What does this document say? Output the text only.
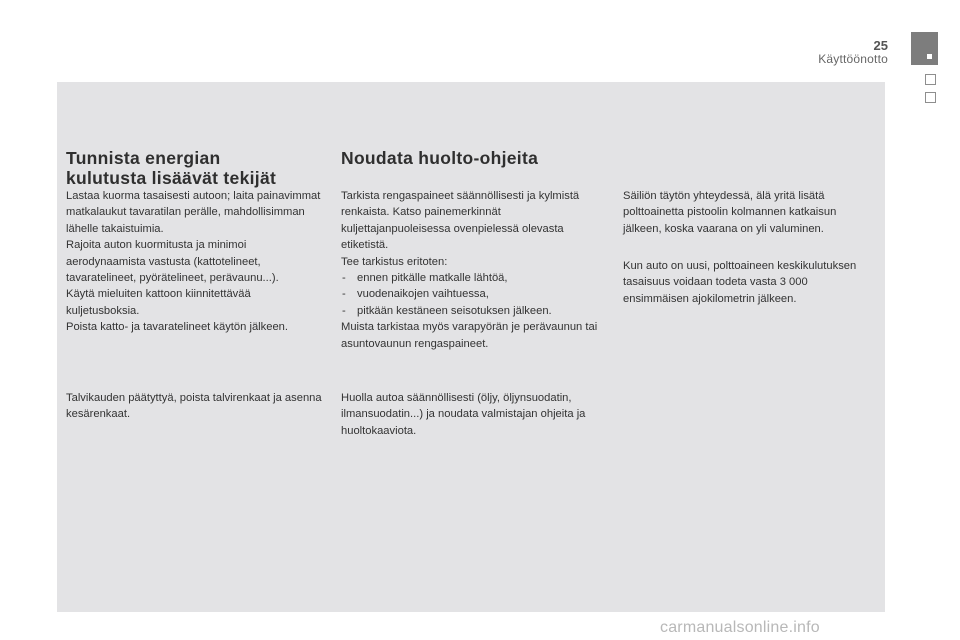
25

Käyttöönotto

Tunnista energian
kulutusta lisäävät tekijät

Lastaa kuorma tasaisesti autoon; laita painavimmat matkalaukut tavaratilan perälle, mahdollisimman lähelle takaistuimia.
Rajoita auton kuormitusta ja minimoi aerodynaamista vastusta (kattotelineet, tavaratelineet, pyörätelineet, perävaunu...).
Käytä mieluiten kattoon kiinnitettävää kuljetusboksia.
Poista katto- ja tavaratelineet käytön jälkeen.

Talvikauden päätyttyä, poista talvirenkaat ja asenna kesärenkaat.

Noudata huolto-ohjeita

Tarkista rengaspaineet säännöllisesti ja kylmistä renkaista. Katso painemerkinnät kuljettajanpuoleisessa ovenpielessä olevasta etiketistä.
Tee tarkistus eritoten:

- ennen pitkälle matkalle lähtöä,
- vuodenaikojen vaihtuessa,
- pitkään kestäneen seisotuksen jälkeen.

Muista tarkistaa myös varapyörän je perävaunun tai asuntovaunun rengaspaineet.

Huolla autoa säännöllisesti (öljy, öljynsuodatin, ilmansuodatin...) ja noudata valmistajan ohjeita ja huoltokaaviota.

Säiliön täytön yhteydessä, älä yritä lisätä polttoainetta pistoolin kolmannen katkaisun jälkeen, koska vaarana on yli valuminen.

Kun auto on uusi, polttoaineen keskikulutuksen tasaisuus voidaan todeta vasta 3 000 ensimmäisen ajokilometrin jälkeen.

carmanualsonline.info
